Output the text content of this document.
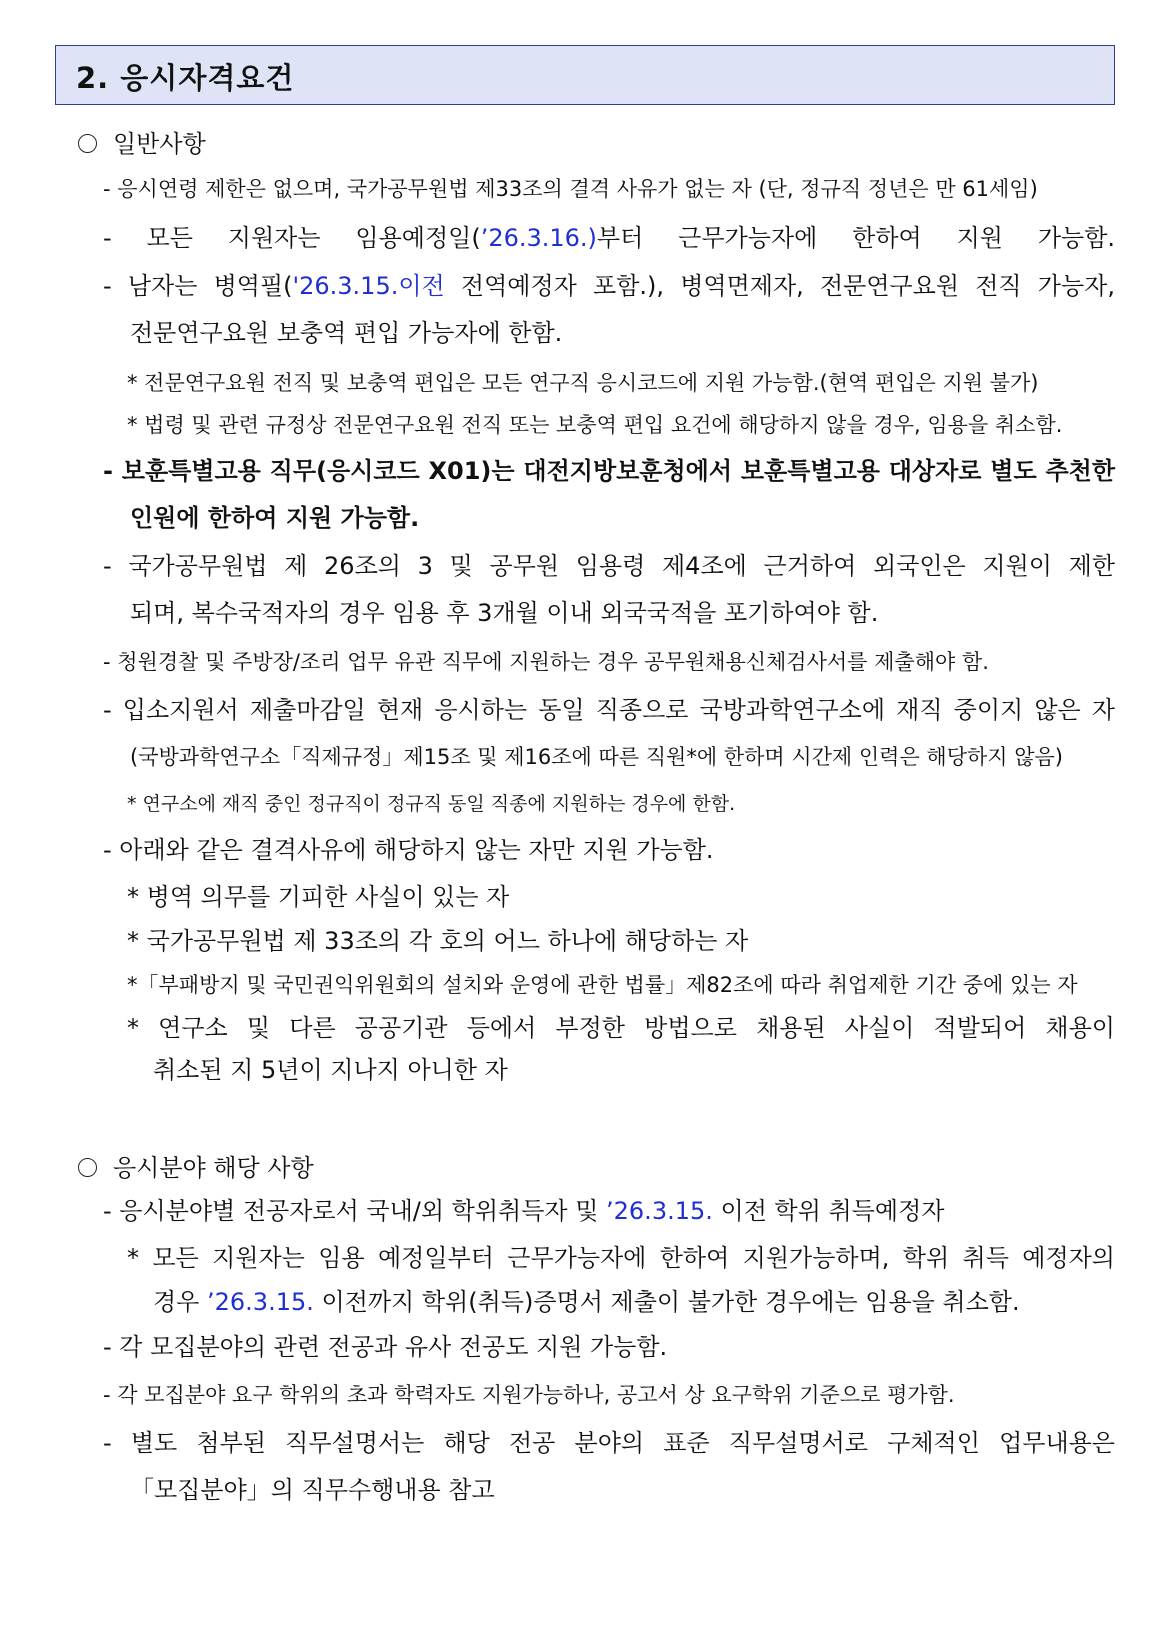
2. 응시자격요건
일반사항
- 응시연령 제한은 없으며, 국가공무원법 제33조의 결격 사유가 없는 자 (단, 정규직 정년은 만 61세임)
- 모든 지원자는 임용예정일(’26.3.16.)부터 근무가능자에 한하여 지원 가능함.
- 남자는 병역필('26.3.15.이전 전역예정자 포함.), 병역면제자, 전문연구요원 전직 가능자,
전문연구요원 보충역 편입 가능자에 한함.
* 전문연구요원 전직 및 보충역 편입은 모든 연구직 응시코드에 지원 가능함.(현역 편입은 지원 불가)
* 법령 및 관련 규정상 전문연구요원 전직 또는 보충역 편입 요건에 해당하지 않을 경우, 임용을 취소함.
- 보훈특별고용 직무(응시코드 X01)는 대전지방보훈청에서 보훈특별고용 대상자로 별도 추천한
인원에 한하여 지원 가능함.
- 국가공무원법 제 26조의 3 및 공무원 임용령 제4조에 근거하여 외국인은 지원이 제한
되며, 복수국적자의 경우 임용 후 3개월 이내 외국국적을 포기하여야 함.
- 청원경찰 및 주방장/조리 업무 유관 직무에 지원하는 경우 공무원채용신체검사서를 제출해야 함.
- 입소지원서 제출마감일 현재 응시하는 동일 직종으로 국방과학연구소에 재직 중이지 않은 자
(국방과학연구소「직제규정」제15조 및 제16조에 따른 직원*에 한하며 시간제 인력은 해당하지 않음)
* 연구소에 재직 중인 정규직이 정규직 동일 직종에 지원하는 경우에 한함.
- 아래와 같은 결격사유에 해당하지 않는 자만 지원 가능함.
* 병역 의무를 기피한 사실이 있는 자
* 국가공무원법 제 33조의 각 호의 어느 하나에 해당하는 자
*「부패방지 및 국민권익위원회의 설치와 운영에 관한 법률」제82조에 따라 취업제한 기간 중에 있는 자
* 연구소 및 다른 공공기관 등에서 부정한 방법으로 채용된 사실이 적발되어 채용이
취소된 지 5년이 지나지 아니한 자
응시분야 해당 사항
- 응시분야별 전공자로서 국내/외 학위취득자 및 ’26.3.15. 이전 학위 취득예정자
* 모든 지원자는 임용 예정일부터 근무가능자에 한하여 지원가능하며, 학위 취득 예정자의
경우 ’26.3.15. 이전까지 학위(취득)증명서 제출이 불가한 경우에는 임용을 취소함.
- 각 모집분야의 관련 전공과 유사 전공도 지원 가능함.
- 각 모집분야 요구 학위의 초과 학력자도 지원가능하나, 공고서 상 요구학위 기준으로 평가함.
- 별도 첨부된 직무설명서는 해당 전공 분야의 표준 직무설명서로 구체적인 업무내용은
「모집분야」의 직무수행내용 참고
